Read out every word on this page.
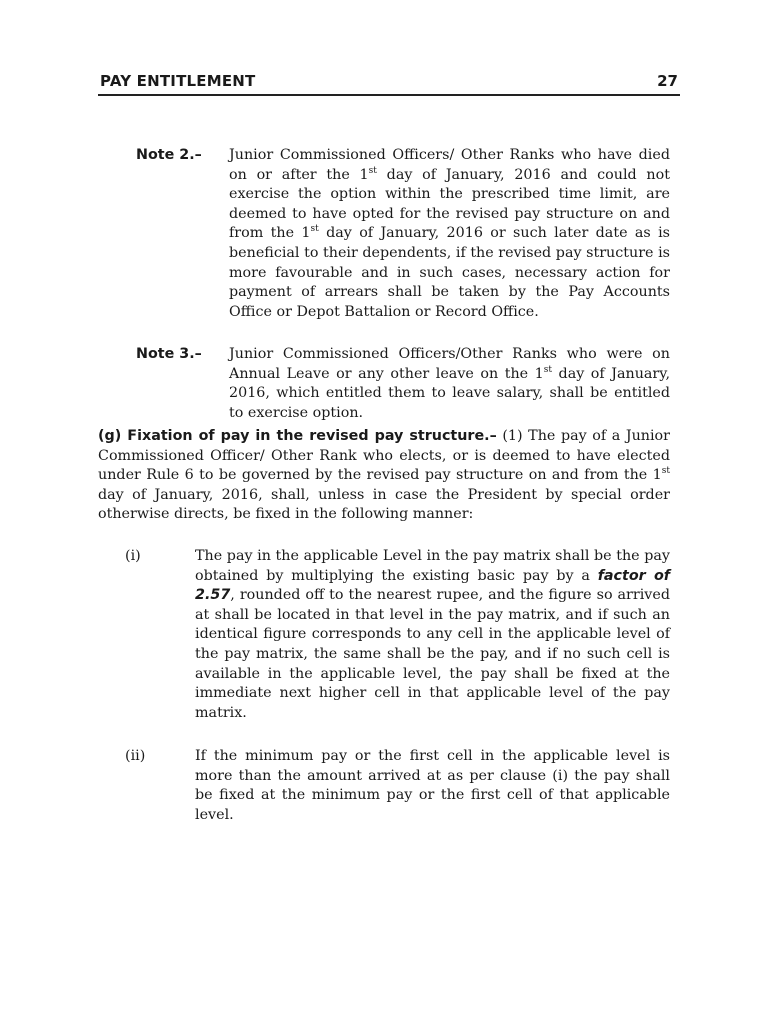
PAY ENTITLEMENT	27
Note 2.– Junior Commissioned Officers/ Other Ranks who have died on or after the 1st day of January, 2016 and could not exercise the option within the prescribed time limit, are deemed to have opted for the revised pay structure on and from the 1st day of January, 2016 or such later date as is beneficial to their dependents, if the revised pay structure is more favourable and in such cases, necessary action for payment of arrears shall be taken by the Pay Accounts Office or Depot Battalion or Record Office.
Note 3.– Junior Commissioned Officers/Other Ranks who were on Annual Leave or any other leave on the 1st day of January, 2016, which entitled them to leave salary, shall be entitled to exercise option.
(g) Fixation of pay in the revised pay structure.– (1) The pay of a Junior Commissioned Officer/ Other Rank who elects, or is deemed to have elected under Rule 6 to be governed by the revised pay structure on and from the 1st day of January, 2016, shall, unless in case the President by special order otherwise directs, be fixed in the following manner:
(i)	The pay in the applicable Level in the pay matrix shall be the pay obtained by multiplying the existing basic pay by a factor of 2.57, rounded off to the nearest rupee, and the figure so arrived at shall be located in that level in the pay matrix, and if such an identical figure corresponds to any cell in the applicable level of the pay matrix, the same shall be the pay, and if no such cell is available in the applicable level, the pay shall be fixed at the immediate next higher cell in that applicable level of the pay matrix.
(ii)	If the minimum pay or the first cell in the applicable level is more than the amount arrived at as per clause (i) the pay shall be fixed at the minimum pay or the first cell of that applicable level.
